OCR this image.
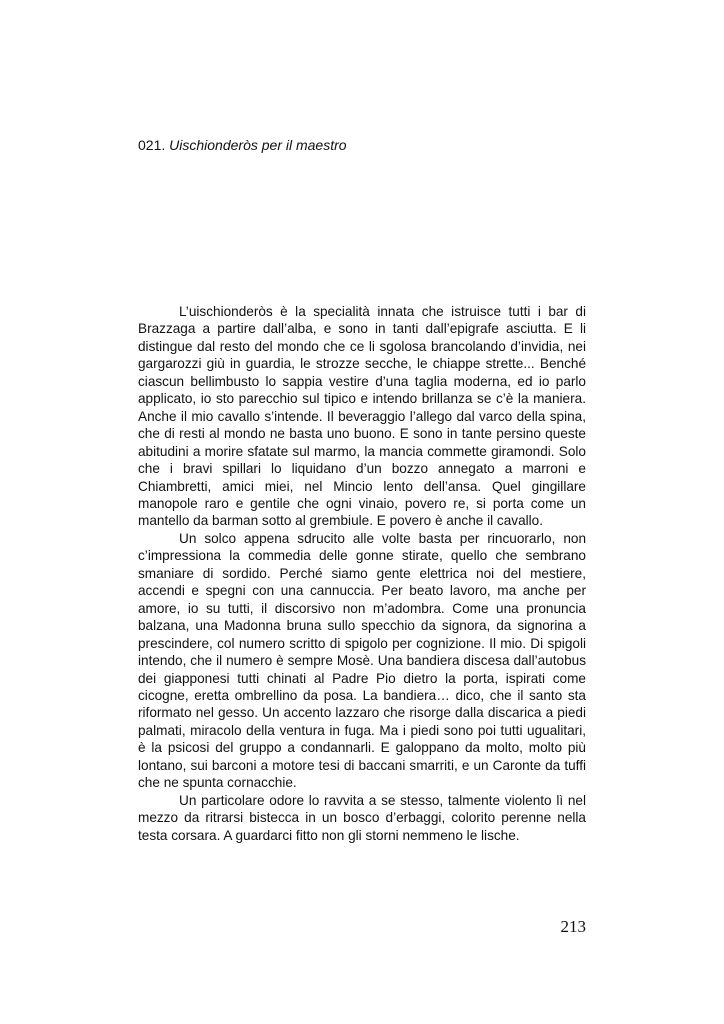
021. Uischionderòs per il maestro

L’uischionderòs è la specialità innata che istruisce tutti i bar di Brazzaga a partire dall’alba, e sono in tanti dall’epigrafe asciutta. E li distingue dal resto del mondo che ce li sgolosa brancolando d’invidia, nei gargarozzi giù in guardia, le strozze secche, le chiappe strette... Benché ciascun bellimbusto lo sappia vestire d’una taglia moderna, ed io parlo applicato, io sto parecchio sul tipico e intendo brillanza se c’è la maniera. Anche il mio cavallo s’intende. Il beveraggio l’allego dal varco della spina, che di resti al mondo ne basta uno buono. E sono in tante persino queste abitudini a morire sfatate sul marmo, la mancia commette giramondi. Solo che i bravi spillari lo liquidano d’un bozzo annegato a marroni e Chiambretti, amici miei, nel Mincio lento dell’ansa. Quel gingillare manopole raro e gentile che ogni vinaio, povero re, si porta come un mantello da barman sotto al grembiule. E povero è anche il cavallo.

Un solco appena sdrucito alle volte basta per rincuorarlo, non c’impressiona la commedia delle gonne stirate, quello che sembrano smaniare di sordido. Perché siamo gente elettrica noi del mestiere, accendi e spegni con una cannuccia. Per beato lavoro, ma anche per amore, io su tutti, il discorsivo non m’adombra. Come una pronuncia balzana, una Madonna bruna sullo specchio da signora, da signorina a prescindere, col numero scritto di spigolo per cognizione. Il mio. Di spigoli intendo, che il numero è sempre Mosè. Una bandiera discesa dall’autobus dei giapponesi tutti chinati al Padre Pio dietro la porta, ispirati come cicogne, eretta ombrellino da posa. La bandiera… dico, che il santo sta riformato nel gesso. Un accento lazzaro che risorge dalla discarica a piedi palmati, miracolo della ventura in fuga. Ma i piedi sono poi tutti ugualitari, è la psicosi del gruppo a condannarli. E galoppano da molto, molto più lontano, sui barconi a motore tesi di baccani smarriti, e un Caronte da tuffi che ne spunta cornacchie.

Un particolare odore lo ravvita a se stesso, talmente violento lì nel mezzo da ritrarsi bistecca in un bosco d’erbaggi, colorito perenne nella testa corsara. A guardarci fitto non gli storni nemmeno le lische.

213
